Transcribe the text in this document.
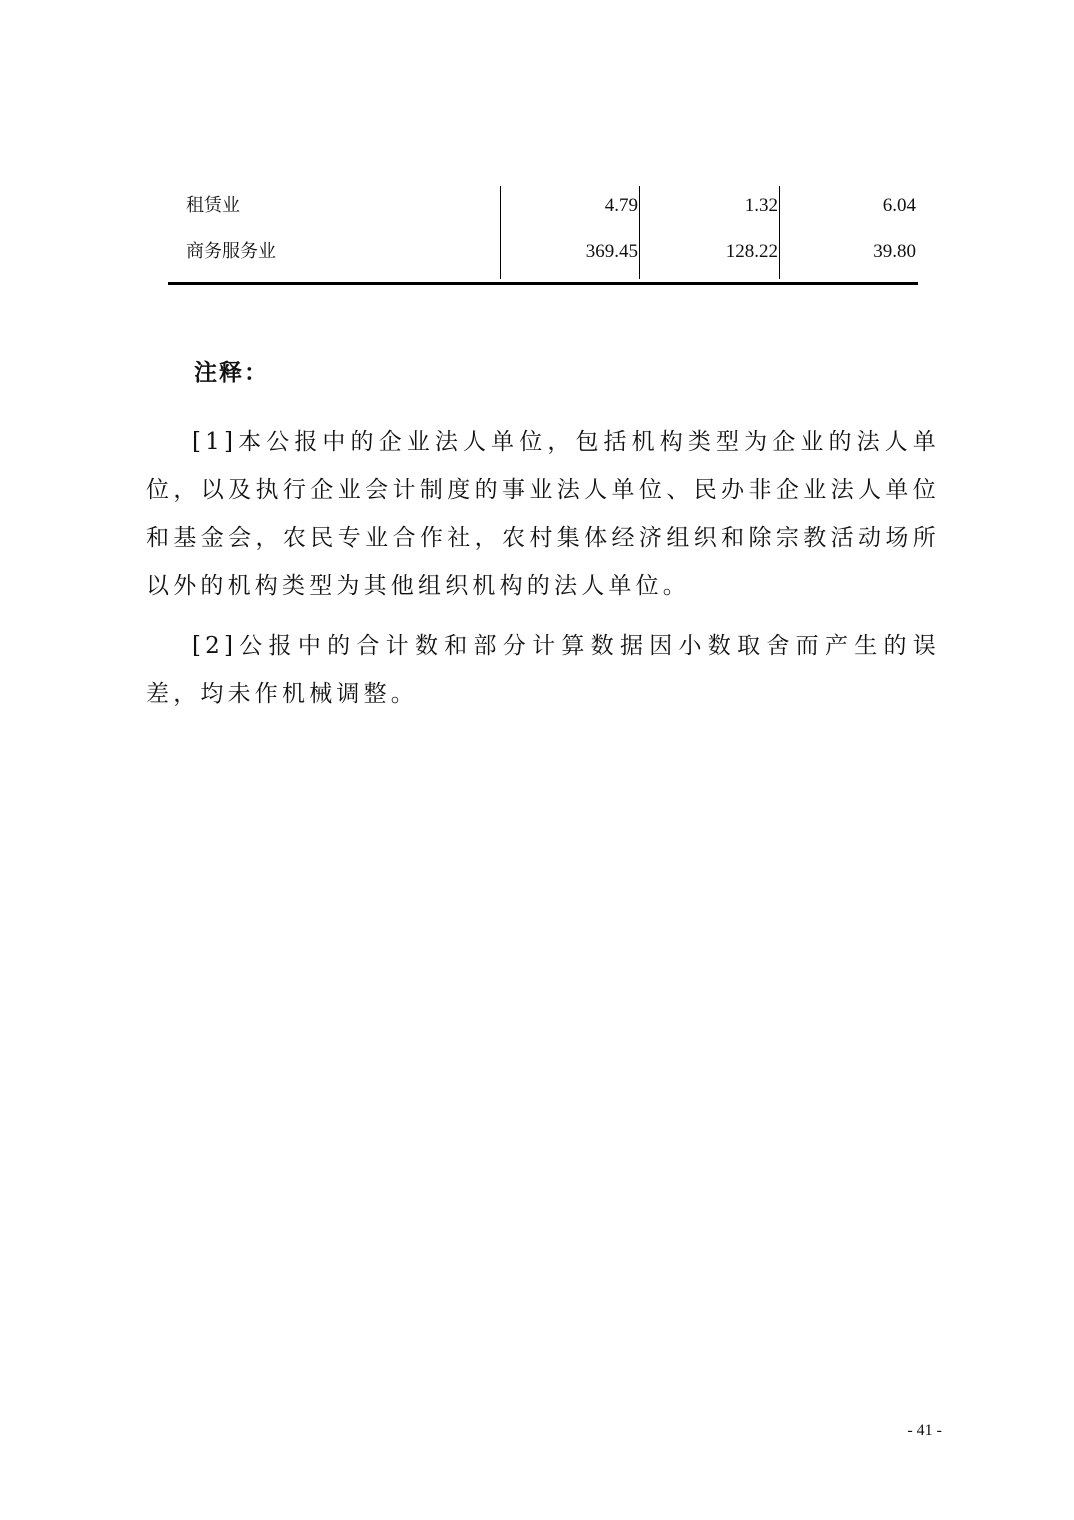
租赁业	4.79	1.32	6.04
商务服务业	369.45	128.22	39.80
注释：

[1]本公报中的企业法人单位，包括机构类型为企业的法人单位，以及执行企业会计制度的事业法人单位、民办非企业法人单位和基金会，农民专业合作社，农村集体经济组织和除宗教活动场所以外的机构类型为其他组织机构的法人单位。

[2]公报中的合计数和部分计算数据因小数取舍而产生的误差，均未作机械调整。

- 41 -
